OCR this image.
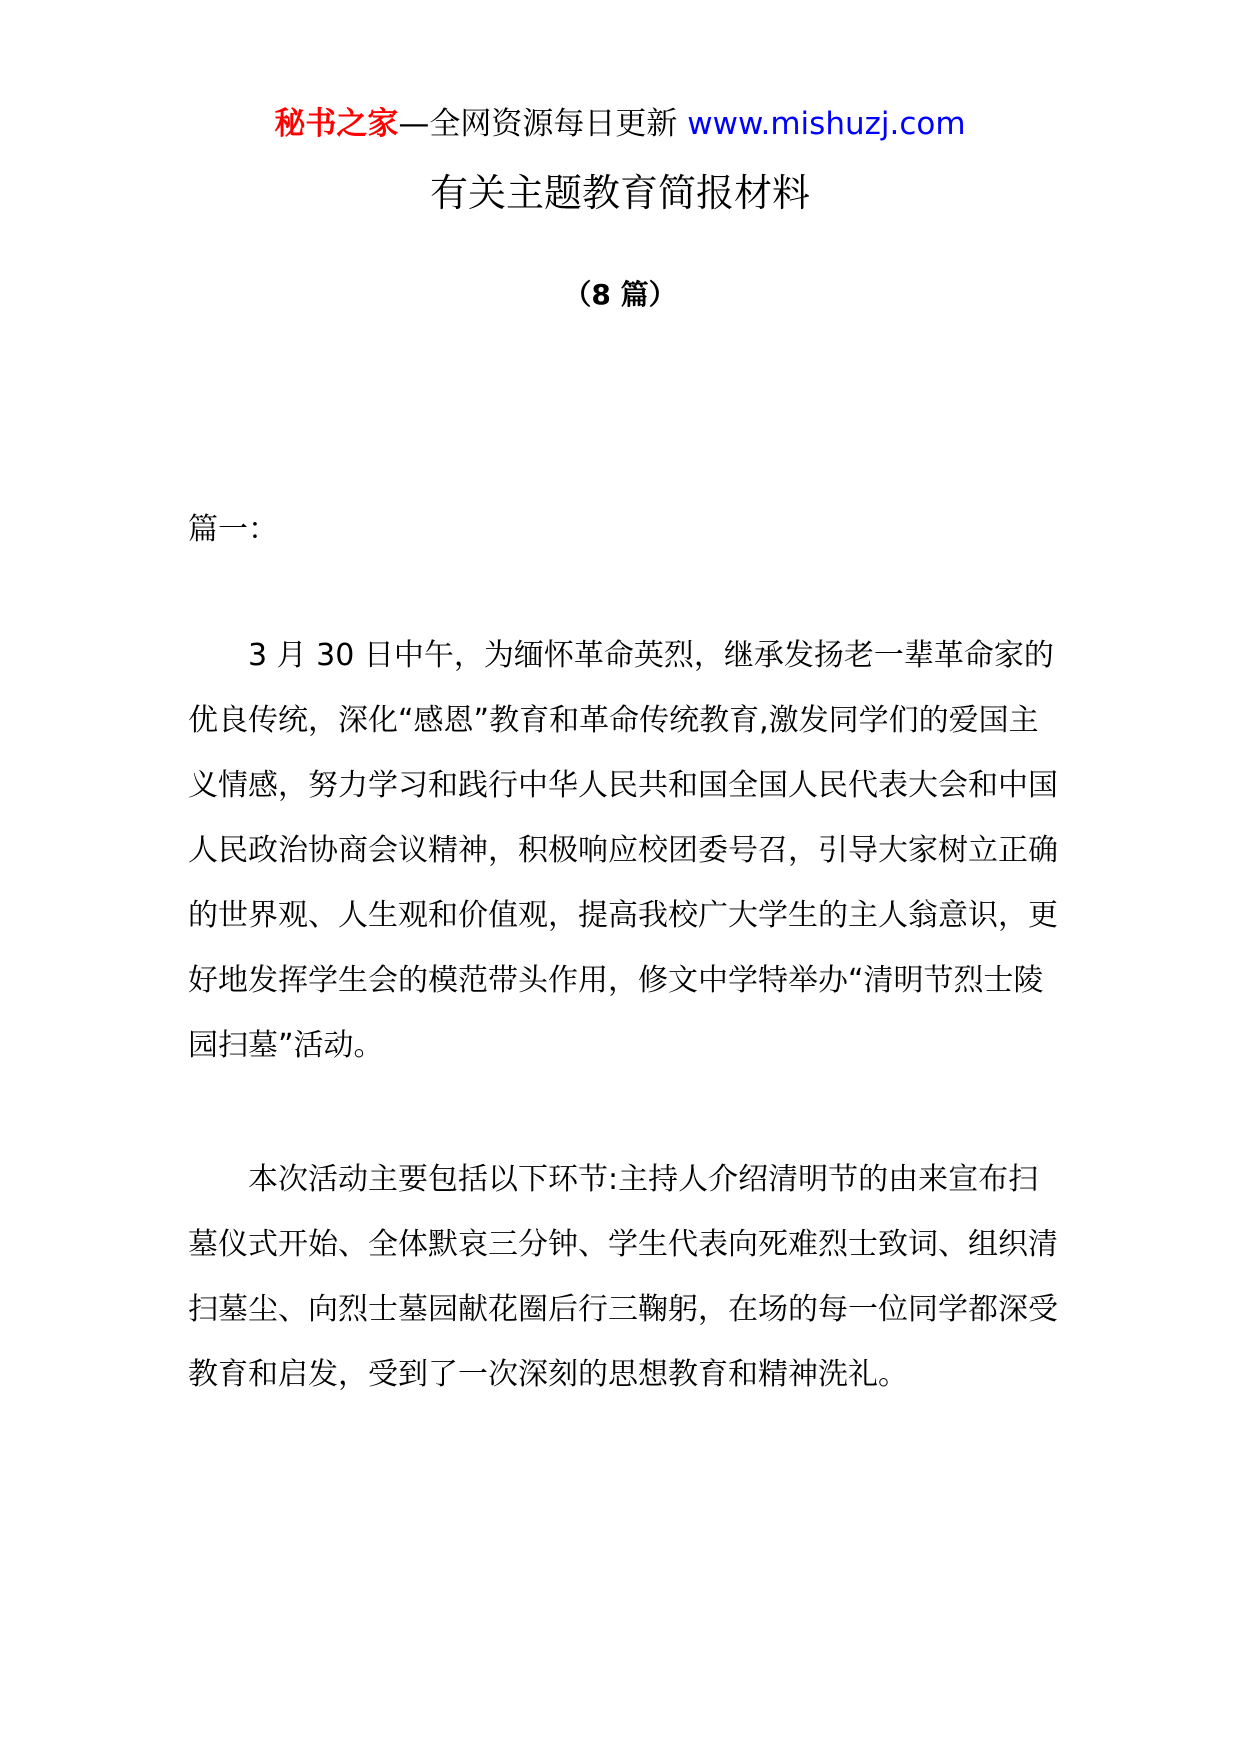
秘书之家—全网资源每日更新 www.mishuzj.com
有关主题教育简报材料
（8 篇）

篇一：

3 月 30 日中午，为缅怀革命英烈，继承发扬老一辈革命家的优良传统，深化“感恩”教育和革命传统教育,激发同学们的爱国主义情感，努力学习和践行中华人民共和国全国人民代表大会和中国人民政治协商会议精神，积极响应校团委号召，引导大家树立正确的世界观、人生观和价值观，提高我校广大学生的主人翁意识，更好地发挥学生会的模范带头作用，修文中学特举办“清明节烈士陵园扫墓”活动。

本次活动主要包括以下环节:主持人介绍清明节的由来宣布扫墓仪式开始、全体默哀三分钟、学生代表向死难烈士致词、组织清扫墓尘、向烈士墓园献花圈后行三鞠躬，在场的每一位同学都深受教育和启发，受到了一次深刻的思想教育和精神洗礼。
